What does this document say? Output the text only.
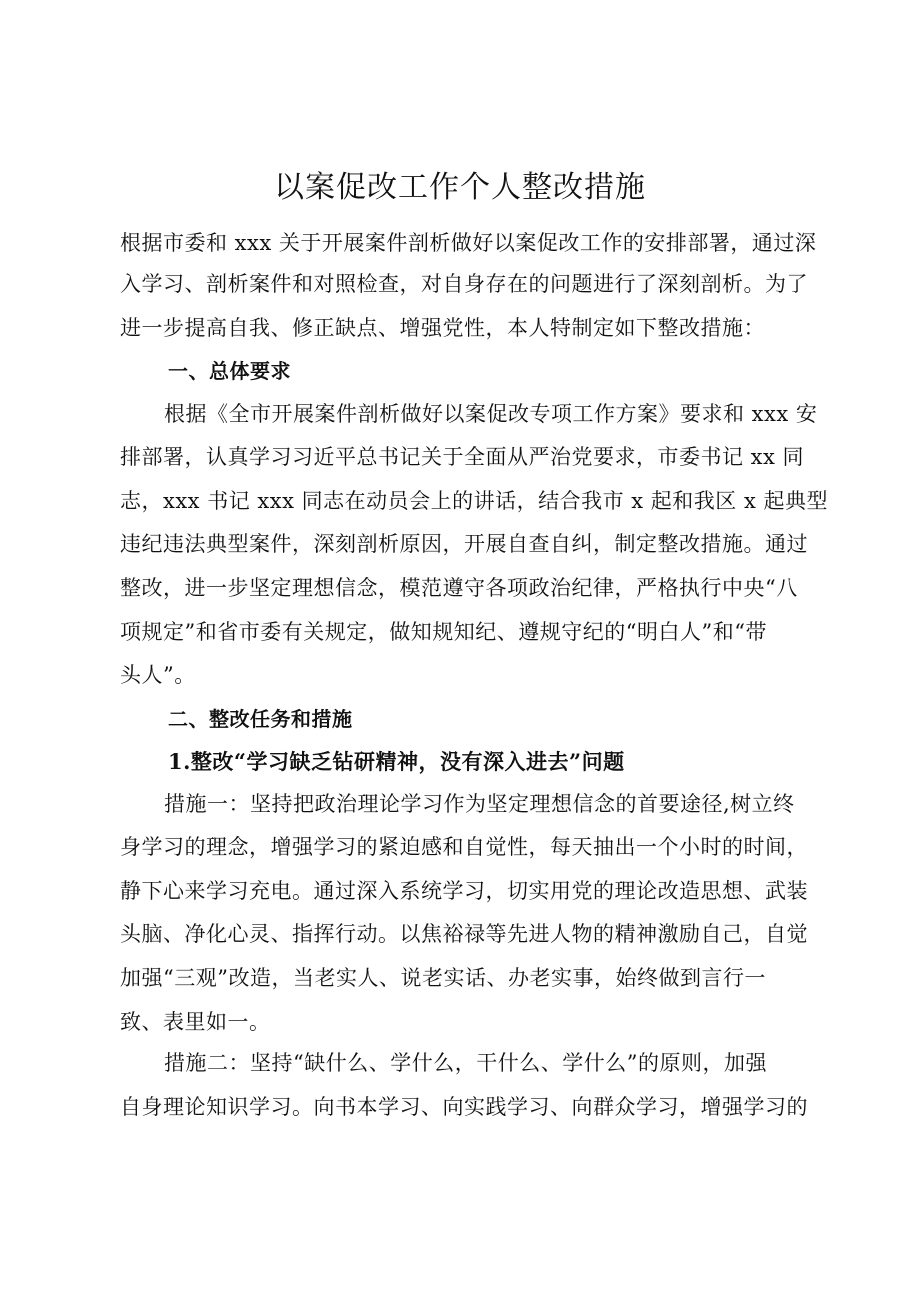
以案促改工作个人整改措施
根据市委和 xxx 关于开展案件剖析做好以案促改工作的安排部署，通过深
入学习、剖析案件和对照检查，对自身存在的问题进行了深刻剖析。为了
进一步提高自我、修正缺点、增强党性，本人特制定如下整改措施：
一、总体要求
根据《全市开展案件剖析做好以案促改专项工作方案》要求和 xxx 安
排部署，认真学习习近平总书记关于全面从严治党要求，市委书记 xx 同
志，xxx 书记 xxx 同志在动员会上的讲话，结合我市 x 起和我区 x 起典型
违纪违法典型案件，深刻剖析原因，开展自查自纠，制定整改措施。通过
整改，进一步坚定理想信念，模范遵守各项政治纪律，严格执行中央“八
项规定”和省市委有关规定，做知规知纪、遵规守纪的“明白人”和“带
头人”。
二、整改任务和措施
1.整改“学习缺乏钻研精神，没有深入进去”问题
措施一：坚持把政治理论学习作为坚定理想信念的首要途径,树立终
身学习的理念，增强学习的紧迫感和自觉性，每天抽出一个小时的时间，
静下心来学习充电。通过深入系统学习，切实用党的理论改造思想、武装
头脑、净化心灵、指挥行动。以焦裕禄等先进人物的精神激励自己，自觉
加强“三观”改造，当老实人、说老实话、办老实事，始终做到言行一
致、表里如一。
措施二：坚持“缺什么、学什么，干什么、学什么”的原则，加强
自身理论知识学习。向书本学习、向实践学习、向群众学习，增强学习的
